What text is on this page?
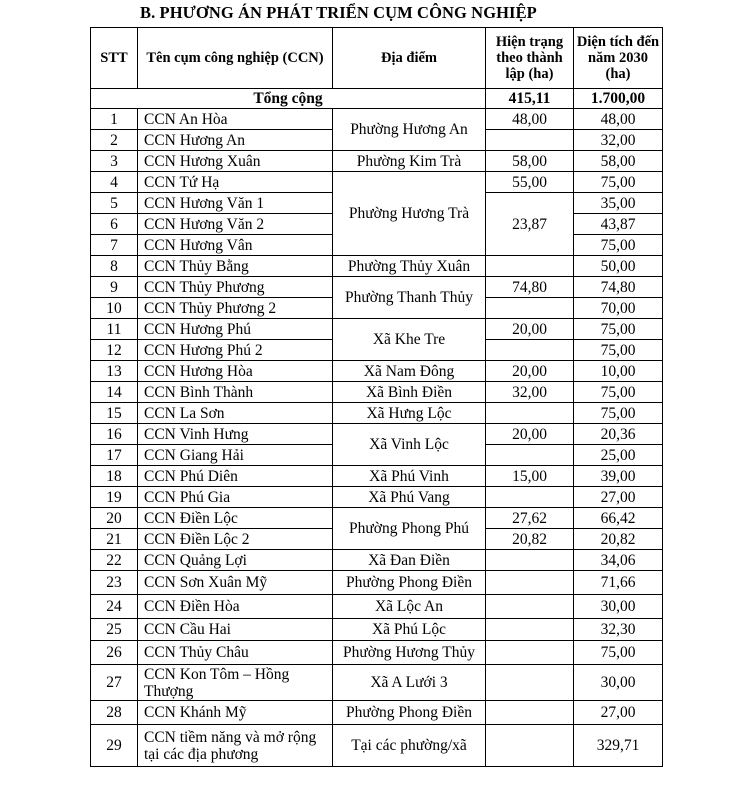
B. PHƯƠNG ÁN PHÁT TRIỂN CỤM CÔNG NGHIỆP
STT	Tên cụm công nghiệp (CCN)	Địa điểm	Hiện trạng theo thành lập (ha)	Diện tích đến năm 2030 (ha)
Tổng cộng			415,11	1.700,00
1	CCN An Hòa	Phường Hương An	48,00	48,00
2	CCN Hương An			32,00
3	CCN Hương Xuân	Phường Kim Trà	58,00	58,00
4	CCN Tứ Hạ	Phường Hương Trà	55,00	75,00
5	CCN Hương Văn 1		23,87	35,00
6	CCN Hương Văn 2			43,87
7	CCN Hương Vân			75,00
8	CCN Thủy Bằng	Phường Thủy Xuân		50,00
9	CCN Thủy Phương	Phường Thanh Thủy	74,80	74,80
10	CCN Thủy Phương 2			70,00
11	CCN Hương Phú	Xã Khe Tre	20,00	75,00
12	CCN Hương Phú 2			75,00
13	CCN Hương Hòa	Xã Nam Đông	20,00	10,00
14	CCN Bình Thành	Xã Bình Điền	32,00	75,00
15	CCN La Sơn	Xã Hưng Lộc		75,00
16	CCN Vinh Hưng	Xã Vinh Lộc	20,00	20,36
17	CCN Giang Hải			25,00
18	CCN Phú Diên	Xã Phú Vinh	15,00	39,00
19	CCN Phú Gia	Xã Phú Vang		27,00
20	CCN Điền Lộc	Phường Phong Phú	27,62	66,42
21	CCN Điền Lộc 2		20,82	20,82
22	CCN Quảng Lợi	Xã Đan Điền		34,06
23	CCN Sơn Xuân Mỹ	Phường Phong Điền		71,66
24	CCN Điền Hòa	Xã Lộc An		30,00
25	CCN Cầu Hai	Xã Phú Lộc		32,30
26	CCN Thủy Châu	Phường Hương Thủy		75,00
27	CCN Kon Tôm – Hồng Thượng	Xã A Lưới 3		30,00
28	CCN Khánh Mỹ	Phường Phong Điền		27,00
29	CCN tiềm năng và mở rộng tại các địa phương	Tại các phường/xã		329,71
